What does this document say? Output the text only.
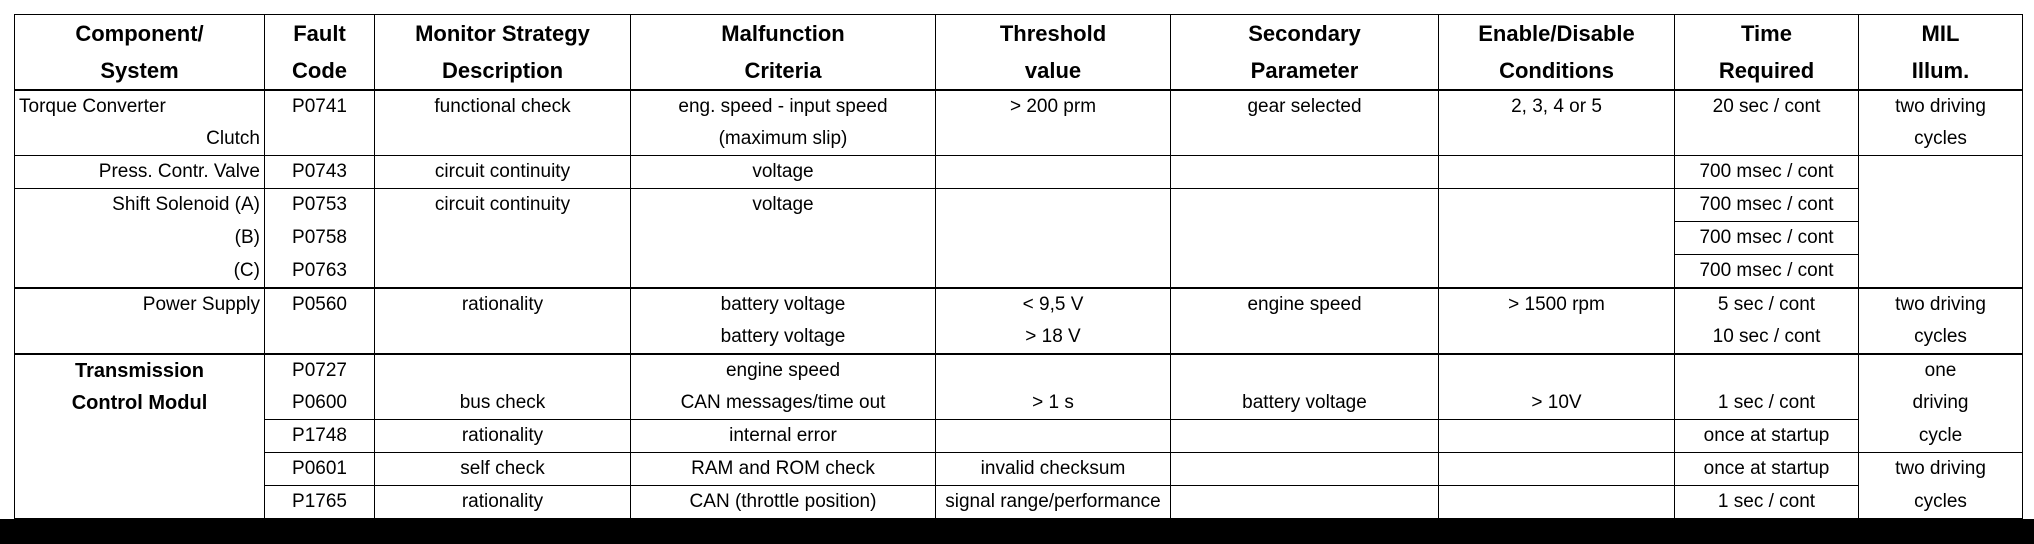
Component/	Fault	Monitor Strategy	Malfunction	Threshold	Secondary	Enable/Disable	Time	MIL
System	Code	Description	Criteria	value	Parameter	Conditions	Required	Illum.
Torque Converter	P0741	functional check	eng. speed - input speed	> 200 prm	gear selected	2, 3, 4 or 5	20 sec / cont	two driving
Clutch			(maximum slip)					cycles
Press. Contr. Valve	P0743	circuit continuity	voltage				700 msec / cont	
Shift Solenoid (A)	P0753	circuit continuity	voltage				700 msec / cont	
(B)	P0758						700 msec / cont	
(C)	P0763						700 msec / cont	
Power Supply	P0560	rationality	battery voltage	< 9,5 V	engine speed	> 1500 rpm	5 sec / cont	two driving
			battery voltage	> 18 V			10 sec / cont	cycles
Transmission	P0727		engine speed					one
Control Modul	P0600	bus check	CAN messages/time out	> 1 s	battery voltage	> 10V	1 sec / cont	driving
	P1748	rationality	internal error				once at startup	cycle
	P0601	self check	RAM and ROM check	invalid checksum			once at startup	two driving
	P1765	rationality	CAN (throttle position)	signal range/performance			1 sec / cont	cycles
